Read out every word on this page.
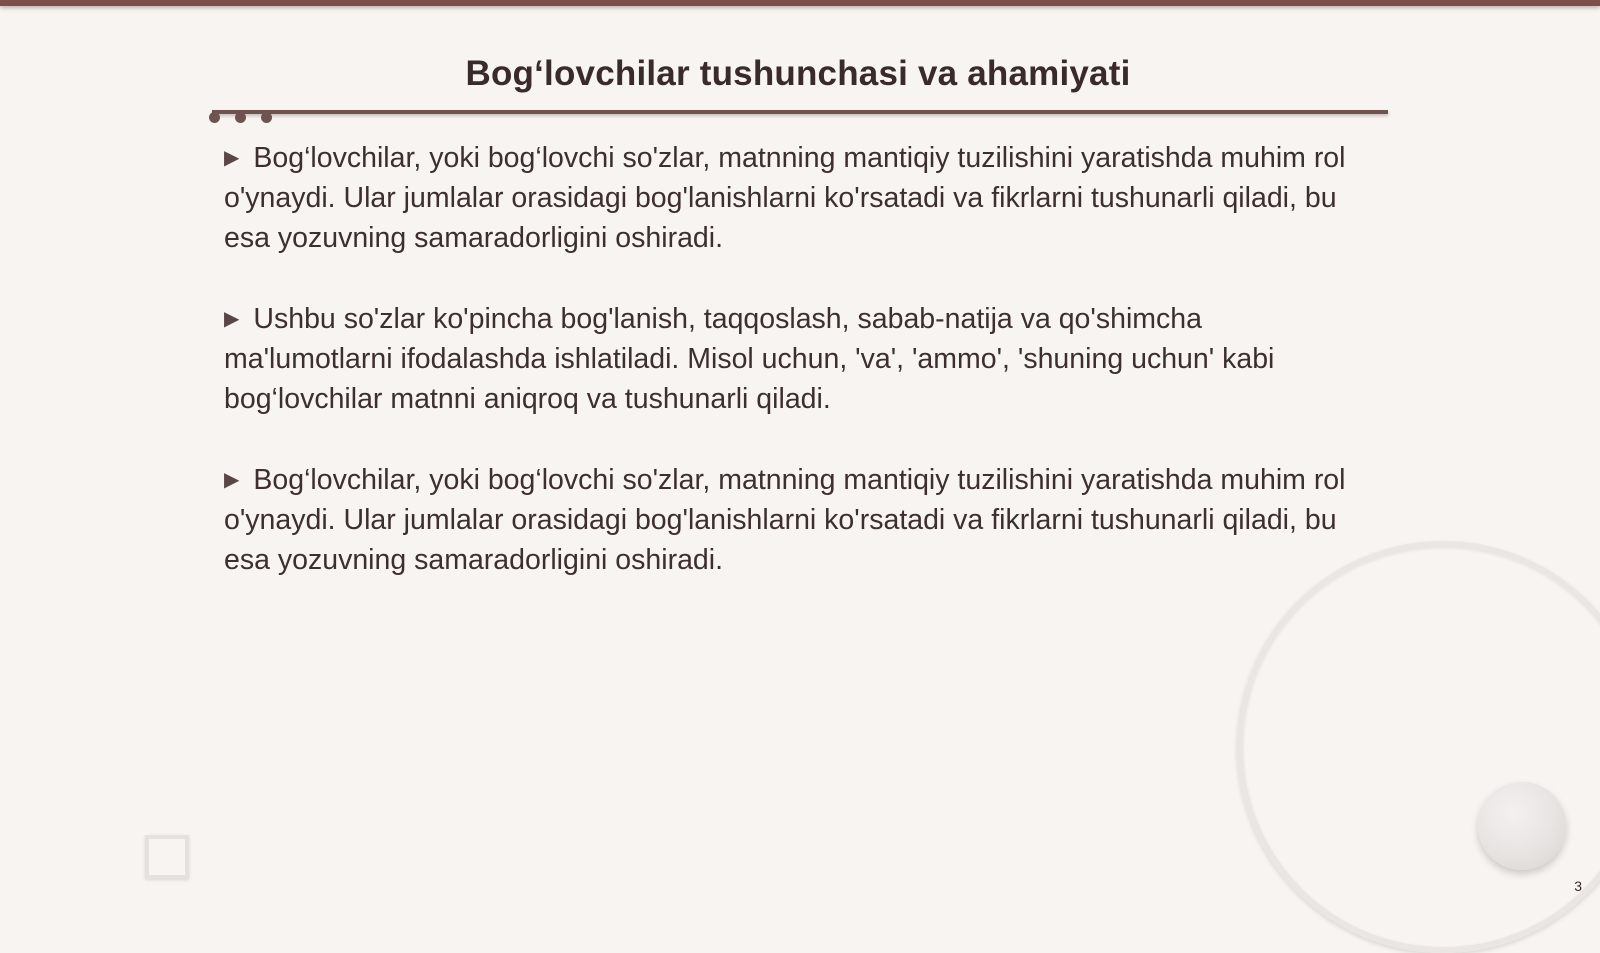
Bog‘lovchilar tushunchasi va ahamiyati

▶ Bog‘lovchilar, yoki bog‘lovchi so'zlar, matnning mantiqiy tuzilishini yaratishda muhim rol o'ynaydi. Ular jumlalar orasidagi bog'lanishlarni ko'rsatadi va fikrlarni tushunarli qiladi, bu esa yozuvning samaradorligini oshiradi.

▶ Ushbu so'zlar ko'pincha bog'lanish, taqqoslash, sabab-natija va qo'shimcha ma'lumotlarni ifodalashda ishlatiladi. Misol uchun, 'va', 'ammo', 'shuning uchun' kabi bog‘lovchilar matnni aniqroq va tushunarli qiladi.

▶ Bog‘lovchilar, yoki bog‘lovchi so'zlar, matnning mantiqiy tuzilishini yaratishda muhim rol o'ynaydi. Ular jumlalar orasidagi bog'lanishlarni ko'rsatadi va fikrlarni tushunarli qiladi, bu esa yozuvning samaradorligini oshiradi.

3
